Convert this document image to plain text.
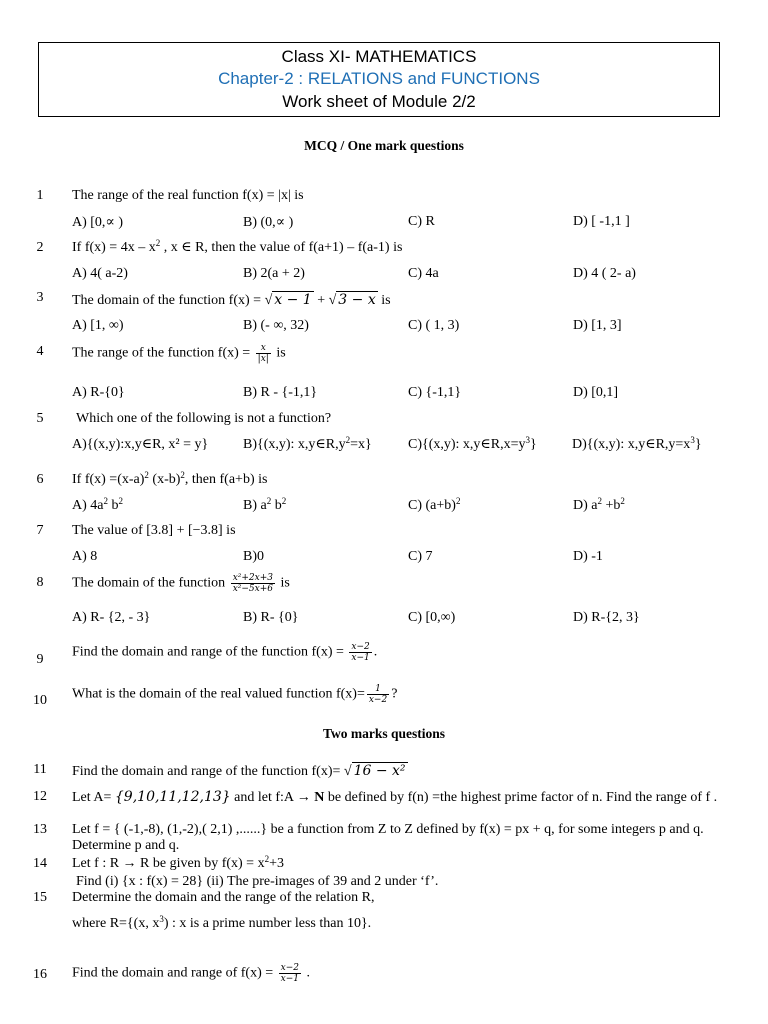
Class XI- MATHEMATICS
Chapter-2 : RELATIONS and FUNCTIONS
Work sheet of Module 2/2
MCQ / One mark questions
1	The range of the real function f(x) = |x| is
A) [0,∝ )	B) (0,∝ )	C) R	D) [ -1,1 ]
2	If $f(x) = 4x - x^2$ , x ∈ R, then the value of f(a+1) – f(a-1) is
A) 4( a-2)	B) 2(a + 2)	C) 4a	D) 4 ( 2- a)
3	The domain of the function f(x) = √ x − 1 + √ 3 − x is
A) [1, ∞)	B) (- ∞, 32)	C) ( 1, 3)	D) [1, 3]
4	The range of the function $f(x) = \frac{x}{|x|}$ is
A) R-{0}	B) R - {-1,1}	C) {-1,1}	D) [0,1]
5	Which one of the following is not a function?
A){(x,y):x,y∈R, x² = y} B){(x,y): $x,y\in R,y^2=x$}	C){(x,y): $x,y\in R,x=y^3$}	D){(x,y): $x,y\in R,y=x^3$}
6	If $f(x) =(x-a)^2$ $(x-b)^2$, then f(a+b) is
A) $4a^2$ $b^2$	B) $a^2$ $b^2$	C) $(a+b)^2$	D) $a^2 +b^2$
7	The value of [3.8] + [−3.8] is
A) 8	B)0	C) 7	D) -1
8	The domain of the function $\frac{\text{x²+2x+3}}{\text{x²−5x+6}}$ is
A) R- {2, - 3}	B) R- {0}	C) [0,∞)	D) R-{2, 3}
9	Find the domain and range of the function $f(x) = \frac{x-2}{x-1}$ .
10	What is the domain of the real valued function $f(x)= \frac{1}{x-2}$ ?
Two marks questions
11	Find the domain and range of the function f(x)= √ 16 − x²
12	Let A= {9,10,11,12,13} and let f:A → N be defined by f(n) =the highest prime factor of n. Find the range of f .
13	Let f = { (-1,-8), (1,-2),( 2,1) ,......} be a function from Z to Z defined by f(x) = px + q, for some integers p and q. Determine p and q.
14	Let f : R → R be given by $f(x) = x^2+3$
Find (i) {x : f(x) = 28} (ii) The pre-images of 39 and 2 under ‘f’.
15	Determine the domain and the range of the relation R,
where R={(x, $x^3$) : x is a prime number less than 10}.
16	Find the domain and range of $f(x) = \frac{x-2}{x-1}$ .
